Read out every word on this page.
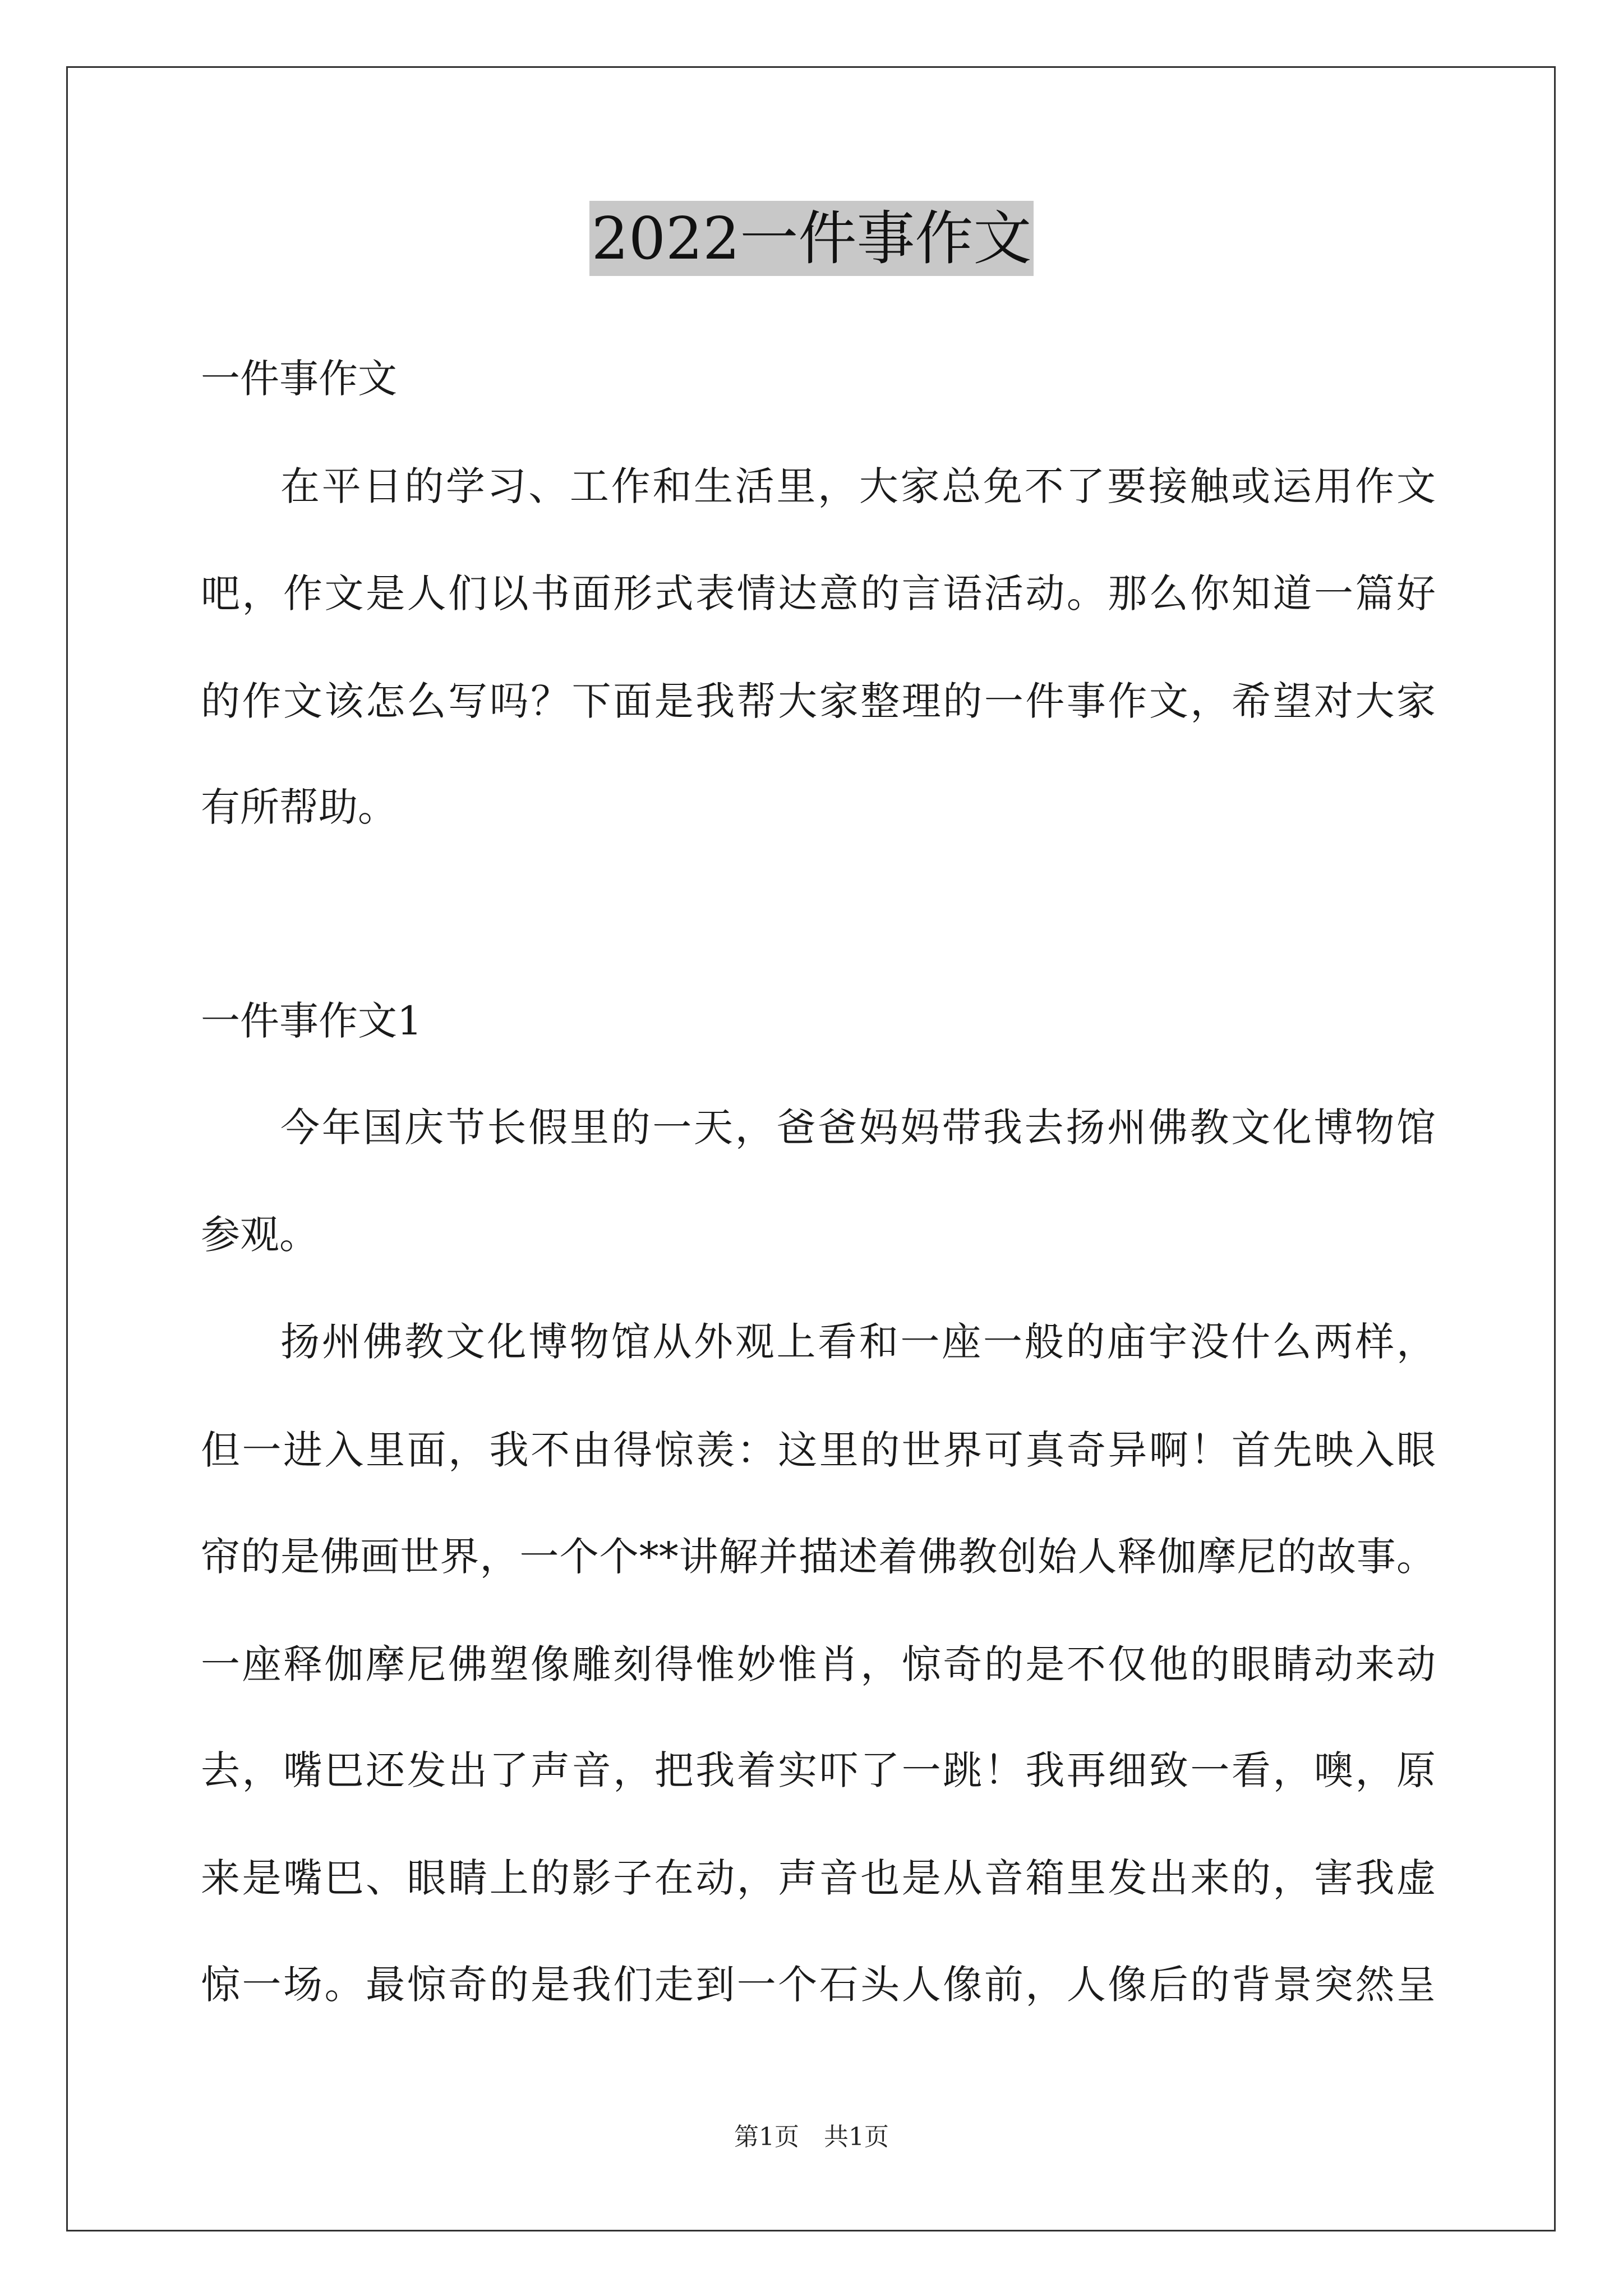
2022一件事作文
一件事作文
在平日的学习、工作和生活里，大家总免不了要接触或运用作文
吧，作文是人们以书面形式表情达意的言语活动。那么你知道一篇好
的作文该怎么写吗？下面是我帮大家整理的一件事作文，希望对大家
有所帮助。
一件事作文1
今年国庆节长假里的一天，爸爸妈妈带我去扬州佛教文化博物馆
参观。
扬州佛教文化博物馆从外观上看和一座一般的庙宇没什么两样，
但一进入里面，我不由得惊羡：这里的世界可真奇异啊！首先映入眼
帘的是佛画世界，一个个**讲解并描述着佛教创始人释伽摩尼的故事。
一座释伽摩尼佛塑像雕刻得惟妙惟肖，惊奇的是不仅他的眼睛动来动
去，嘴巴还发出了声音，把我着实吓了一跳！我再细致一看，噢，原
来是嘴巴、眼睛上的影子在动，声音也是从音箱里发出来的，害我虚
惊一场。最惊奇的是我们走到一个石头人像前，人像后的背景突然呈
第1页　共1页
